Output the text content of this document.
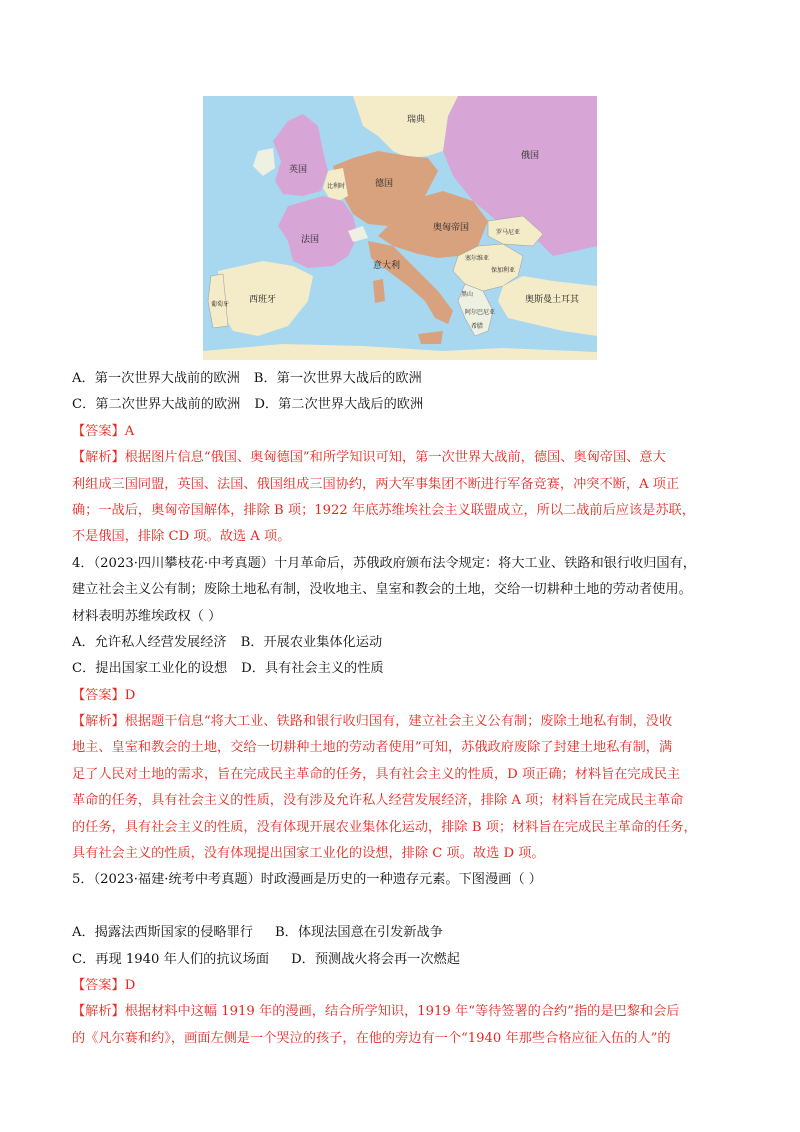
瑞典
俄国
英国
德国
比利时
法国
奥匈帝国	罗马尼亚
塞尔维亚
保加利亚
意大利
黑山
阿尔巴尼亚
希腊
葡萄牙 西班牙	奥斯曼土耳其
A．第一次世界大战前的欧洲 B．第一次世界大战后的欧洲
C．第二次世界大战前的欧洲 D．第二次世界大战后的欧洲
【答案】A
【解析】根据图片信息“俄国、奥匈德国”和所学知识可知，第一次世界大战前，德国、奥匈帝国、意大
利组成三国同盟，英国、法国、俄国组成三国协约，两大军事集团不断进行军备竞赛，冲突不断，A 项正
确；一战后，奥匈帝国解体，排除 B 项；1922 年底苏维埃社会主义联盟成立，所以二战前后应该是苏联，
不是俄国，排除 CD 项。故选 A 项。
4．（2023·四川攀枝花·中考真题）十月革命后，苏俄政府颁布法令规定：将大工业、铁路和银行收归国有，
建立社会主义公有制；废除土地私有制，没收地主、皇室和教会的土地，交给一切耕种土地的劳动者使用。
材料表明苏维埃政权（ ）
A．允许私人经营发展经济 B．开展农业集体化运动
C．提出国家工业化的设想 D．具有社会主义的性质
【答案】D
【解析】根据题干信息“将大工业、铁路和银行收归国有，建立社会主义公有制；废除土地私有制，没收
地主、皇室和教会的土地，交给一切耕种土地的劳动者使用”可知，苏俄政府废除了封建土地私有制，满
足了人民对土地的需求，旨在完成民主革命的任务，具有社会主义的性质，D 项正确；材料旨在完成民主
革命的任务，具有社会主义的性质，没有涉及允许私人经营发展经济，排除 A 项；材料旨在完成民主革命
的任务，具有社会主义的性质，没有体现开展农业集体化运动，排除 B 项；材料旨在完成民主革命的任务，
具有社会主义的性质，没有体现提出国家工业化的设想，排除 C 项。故选 D 项。
5．（2023·福建·统考中考真题）时政漫画是历史的一种遗存元素。下图漫画（ ）
A．揭露法西斯国家的侵略罪行 B．体现法国意在引发新战争
C．再现 1940 年人们的抗议场面 D．预测战火将会再一次燃起
【答案】D
【解析】根据材料中这幅 1919 年的漫画，结合所学知识，1919 年“等待签署的合约”指的是巴黎和会后
的《凡尔赛和约》，画面左侧是一个哭泣的孩子，在他的旁边有一个“1940 年那些合格应征入伍的人”的
